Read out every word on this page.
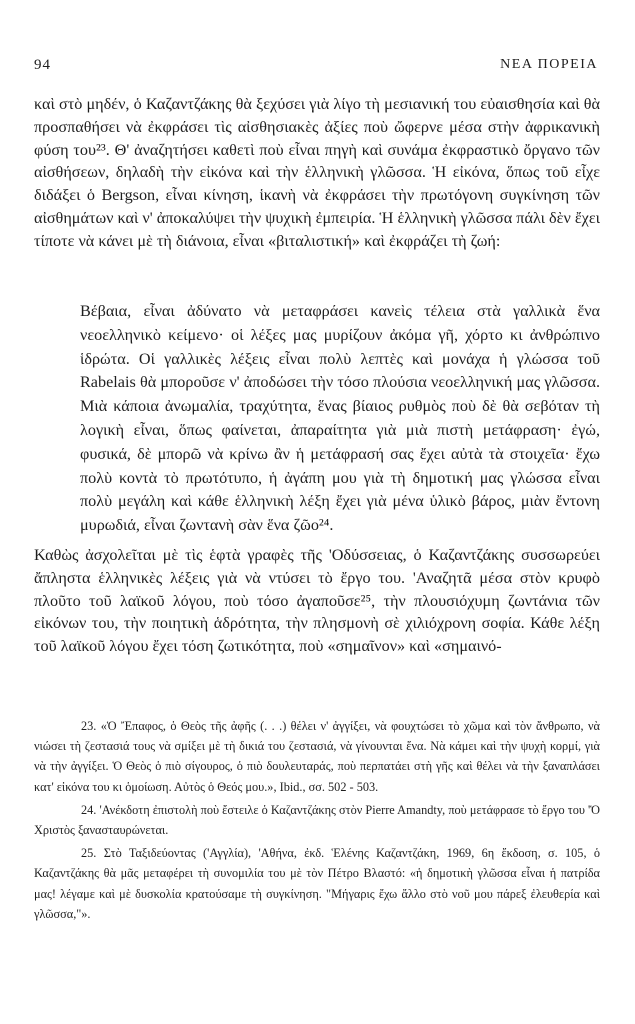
94	ΝΕΑ ΠΟΡΕΙΑ

καὶ στὸ μηδέν, ὁ Καζαντζάκης θὰ ξεχύσει γιὰ λίγο τὴ μεσιανική του εὐαισθησία καὶ θὰ προσπαθήσει νὰ ἐκφράσει τὶς αἰσθησιακὲς ἀξίες ποὺ ὤφερνε μέσα στὴν ἀφρικανικὴ φύση του²³. Θ' ἀναζητήσει καθετὶ ποὺ εἶναι πηγὴ καὶ συνάμα ἐκφραστικὸ ὄργανο τῶν αἰσθήσεων, δηλαδὴ τὴν εἰκόνα καὶ τὴν ἑλληνικὴ γλῶσσα. Ἡ εἰκόνα, ὅπως τοῦ εἶχε διδάξει ὁ Bergson, εἶναι κίνηση, ἱκανὴ νὰ ἐκφράσει τὴν πρωτόγονη συγκίνηση τῶν αἰσθημάτων καὶ ν' ἀποκαλύψει τὴν ψυχικὴ ἐμπειρία. Ἡ ἑλληνικὴ γλῶσσα πάλι δὲν ἔχει τίποτε νὰ κάνει μὲ τὴ διάνοια, εἶναι «βιταλιστική» καὶ ἐκφράζει τὴ ζωή:

Βέβαια, εἶναι ἀδύνατο νὰ μεταφράσει κανεὶς τέλεια στὰ γαλλικὰ ἕνα νεοελληνικὸ κείμενο· οἱ λέξες μας μυρίζουν ἀκόμα γῆ, χόρτο κι ἀνθρώπινο ἱδρώτα. Οἱ γαλλικὲς λέξεις εἶναι πολὺ λεπτὲς καὶ μονάχα ἡ γλώσσα τοῦ Rabelais θὰ μποροῦσε ν' ἀποδώσει τὴν τόσο πλούσια νεοελληνική μας γλῶσσα. Μιὰ κάποια ἀνωμαλία, τραχύτητα, ἕνας βίαιος ρυθμὸς ποὺ δὲ θὰ σεβόταν τὴ λογικὴ εἶναι, ὅπως φαίνεται, ἀπαραίτητα γιὰ μιὰ πιστὴ μετάφραση· ἐγώ, φυσικά, δὲ μπορῶ νὰ κρίνω ἂν ἡ μετάφρασή σας ἔχει αὐτὰ τὰ στοιχεῖα· ἔχω πολὺ κοντὰ τὸ πρωτότυπο, ἡ ἀγάπη μου γιὰ τὴ δημοτική μας γλώσσα εἶναι πολὺ μεγάλη καὶ κάθε ἑλληνικὴ λέξη ἔχει γιὰ μένα ὑλικὸ βάρος, μιὰν ἔντονη μυρωδιά, εἶναι ζωντανὴ σὰν ἕνα ζῶο²⁴.

Καθὼς ἀσχολεῖται μὲ τὶς ἑφτὰ γραφὲς τῆς 'Οδύσσειας, ὁ Καζαντζάκης συσσωρεύει ἄπληστα ἑλληνικὲς λέξεις γιὰ νὰ ντύσει τὸ ἔργο του. 'Αναζητᾶ μέσα στὸν κρυφὸ πλοῦτο τοῦ λαϊκοῦ λόγου, ποὺ τόσο ἀγαποῦσε²⁵, τὴν πλουσιόχυμη ζωντάνια τῶν εἰκόνων του, τὴν ποιητικὴ ἁδρότητα, τὴν πλησμονὴ σὲ χιλιόχρονη σοφία. Κάθε λέξη τοῦ λαϊκοῦ λόγου ἔχει τόση ζωτικότητα, ποὺ «σημαῖνον» καὶ «σημαινό-

23. «Ὁ Ἔπαφος, ὁ Θεὸς τῆς ἀφῆς (. . .) θέλει ν' ἀγγίξει, νὰ φουχτώσει τὸ χῶμα καὶ τὸν ἄνθρωπο, νὰ νιώσει τὴ ζεστασιά τους νὰ σμίξει μὲ τὴ δικιά του ζεστασιά, νὰ γίνουνται ἕνα. Νὰ κάμει καὶ τὴν ψυχὴ κορμί, γιὰ νὰ τὴν ἀγγίξει. Ὁ Θεὸς ὁ πιὸ σίγουρος, ὁ πιὸ δουλευταράς, ποὺ περπατάει στὴ γῆς καὶ θέλει νὰ τὴν ξαναπλάσει κατ' εἰκόνα του κι ὁμοίωση. Αὐτὸς ὁ Θεός μου.», Ibid., σσ. 502 - 503.

24. 'Ανέκδοτη ἐπιστολὴ ποὺ ἔστειλε ὁ Καζαντζάκης στὸν Pierre Amandty, ποὺ μετάφρασε τὸ ἔργο του 'Ὁ Χριστὸς ξανασταυρώνεται.

25. Στὸ Ταξιδεύοντας ('Αγγλία), 'Αθήνα, ἐκδ. Ἑλένης Καζαντζάκη, 1969, 6η ἔκδοση, σ. 105, ὁ Καζαντζάκης θὰ μᾶς μεταφέρει τὴ συνομιλία του μὲ τὸν Πέτρο Βλαστό: «ἡ δημοτικὴ γλῶσσα εἶναι ἡ πατρίδα μας! λέγαμε καὶ μὲ δυσκολία κρατούσαμε τὴ συγκίνηση. "Μήγαρις ἔχω ἄλλο στὸ νοῦ μου πάρεξ ἐλευθερία καὶ γλῶσσα,"».
